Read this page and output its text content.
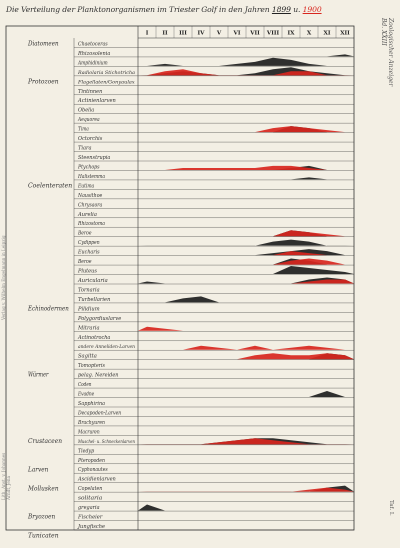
Die Verteilung der Planktonorganismen im Triester Golf in den Jahren 1899 u. 1900
Zoologischer Anzeiger Bd. XXIII
Taf. I.
Verlag v. Wilhelm Engelmann in Leipzig
Lith. Anst. v. Johannes Arndt, Jena
I	II III IV V VI VII VIII IX X XI XII
Chaetoceras
Rhizosolenia
Amphidinium
Radiolaria Stichotricha
Flagellaten/Gonyaulax
Tintinnen
Actinienlarven
Obelia
Aequorea
Tima
Octorchis
Tiara
Steenstrupia
Ptychops
Halistemma
Eutima
Nausithoe
Chrysaora
Aurelia
Rhizostoma
Beroe
Cydippen
Eucharis
Beroe
Pluteus
Auricularia
Tornaria
Turbellarien
Pilidium
Polygordiuslarve
Mitraria
Actinotrocha
andere Anneliden-Larven
Sagitta
Tomopteris
pelag. Nereiden
Coden
Evadne
Sapphirina
Decapoden-Larven
Brachyuren
Macruren
Muschel- u. Schneckenlarven
Tiedyp
Pteropoden
Cyphonautes
Ascidienlarven
Copelaten
solitaria
gregaria
Fischeier
Jungfische
Diatomeen
Protozoen
Coelenteraten
Echinodermen
Würmer
Crustaceen
Larven
Mollusken
Bryozoen
Tunicaten
